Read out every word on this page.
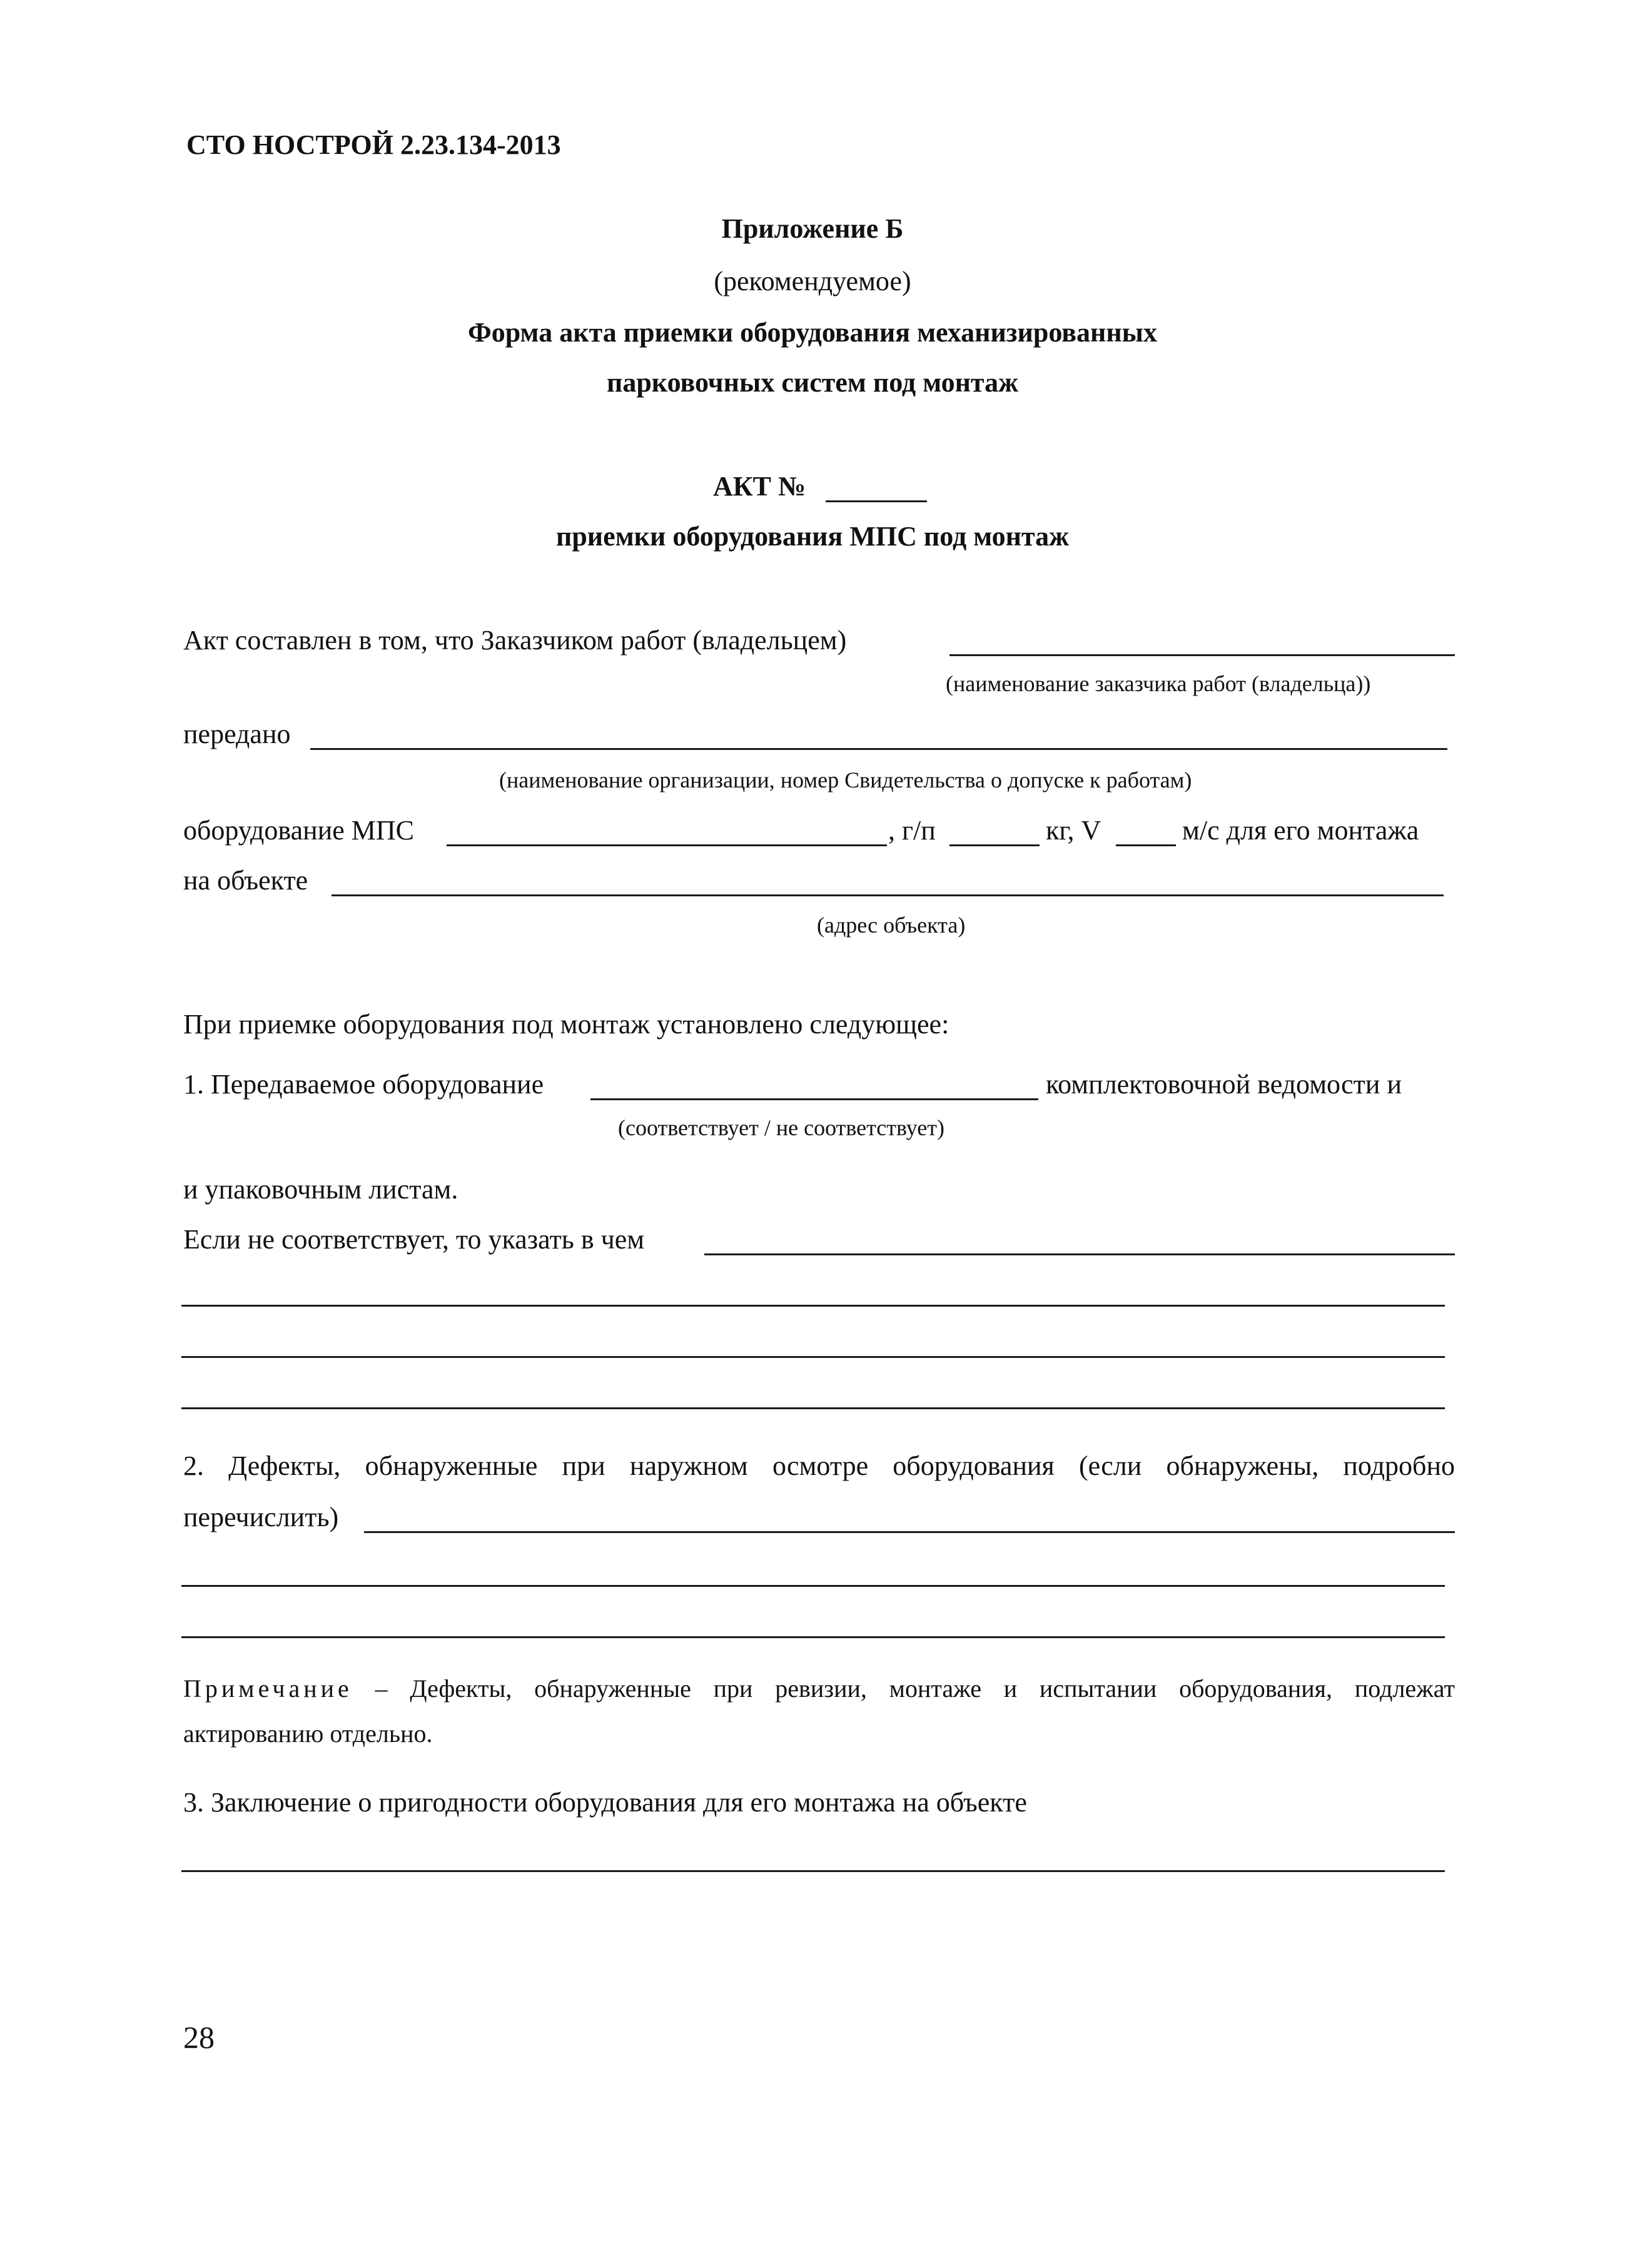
СТО НОСТРОЙ 2.23.134-2013
Приложение Б
(рекомендуемое)
Форма акта приемки оборудования механизированных
парковочных систем под монтаж
АКТ №
приемки оборудования МПС под монтаж
Акт составлен в том, что Заказчиком работ (владельцем)
(наименование заказчика работ (владельца))
передано
(наименование организации, номер Свидетельства о допуске к работам)
оборудование МПС	, г/п	кг, V	м/с для его монтажа
на объекте
(адрес объекта)
При приемке оборудования под монтаж установлено следующее:
1. Передаваемое оборудование	комплектовочной ведомости и
(соответствует / не соответствует)
и упаковочным листам.
Если не соответствует, то указать в чем
2. Дефекты, обнаруженные при наружном осмотре оборудования (если обнаружены, подробно
перечислить)
Примечание – Дефекты, обнаруженные при ревизии, монтаже и испытании оборудования, подлежат
актированию отдельно.
3. Заключение о пригодности оборудования для его монтажа на объекте
28
